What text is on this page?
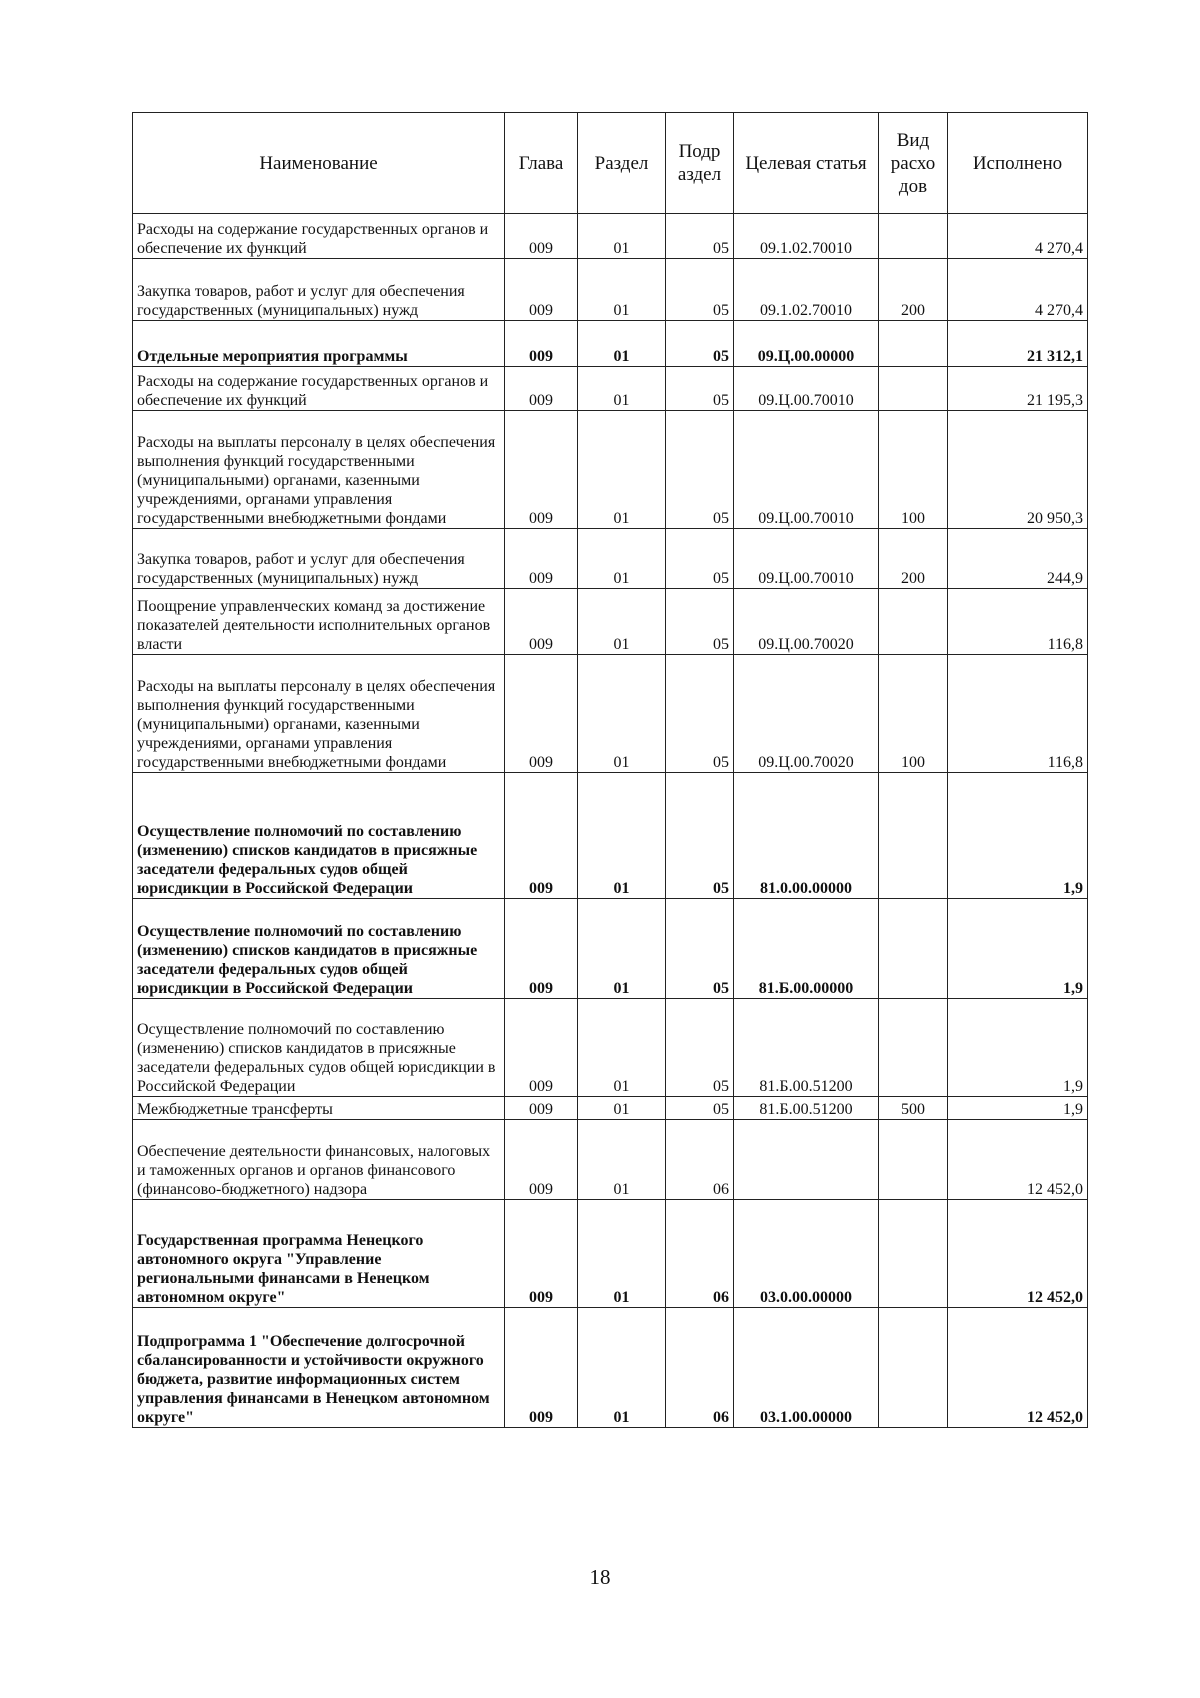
Наименование	Глава	Раздел	Подр аздел	Целевая статья	Вид расхо дов	Исполнено
Расходы на содержание государственных органов и обеспечение их функций	009	01	05	09.1.02.70010		4 270,4
Закупка товаров, работ и услуг для обеспечения государственных (муниципальных) нужд	009	01	05	09.1.02.70010	200	4 270,4
Отдельные мероприятия программы	009	01	05	09.Ц.00.00000		21 312,1
Расходы на содержание государственных органов и обеспечение их функций	009	01	05	09.Ц.00.70010		21 195,3
Расходы на выплаты персоналу в целях обеспечения выполнения функций государственными (муниципальными) органами, казенными учреждениями, органами управления государственными внебюджетными фондами	009	01	05	09.Ц.00.70010	100	20 950,3
Закупка товаров, работ и услуг для обеспечения государственных (муниципальных) нужд	009	01	05	09.Ц.00.70010	200	244,9
Поощрение управленческих команд за достижение показателей деятельности исполнительных органов власти	009	01	05	09.Ц.00.70020		116,8
Расходы на выплаты персоналу в целях обеспечения выполнения функций государственными (муниципальными) органами, казенными учреждениями, органами управления государственными внебюджетными фондами	009	01	05	09.Ц.00.70020	100	116,8
Осуществление полномочий по составлению (изменению) списков кандидатов в присяжные заседатели федеральных судов общей юрисдикции в Российской Федерации	009	01	05	81.0.00.00000		1,9
Осуществление полномочий по составлению (изменению) списков кандидатов в присяжные заседатели федеральных судов общей юрисдикции в Российской Федерации	009	01	05	81.Б.00.00000		1,9
Осуществление полномочий по составлению (изменению) списков кандидатов в присяжные заседатели федеральных судов общей юрисдикции в Российской Федерации	009	01	05	81.Б.00.51200		1,9
Межбюджетные трансферты	009	01	05	81.Б.00.51200	500	1,9
Обеспечение деятельности финансовых, налоговых и таможенных органов и органов финансового (финансово-бюджетного) надзора	009	01	06			12 452,0
Государственная программа Ненецкого автономного округа "Управление региональными финансами в Ненецком автономном округе"	009	01	06	03.0.00.00000		12 452,0
Подпрограмма 1 "Обеспечение долгосрочной сбалансированности и устойчивости окружного бюджета, развитие информационных систем управления финансами в Ненецком автономном округе"	009	01	06	03.1.00.00000		12 452,0
18
